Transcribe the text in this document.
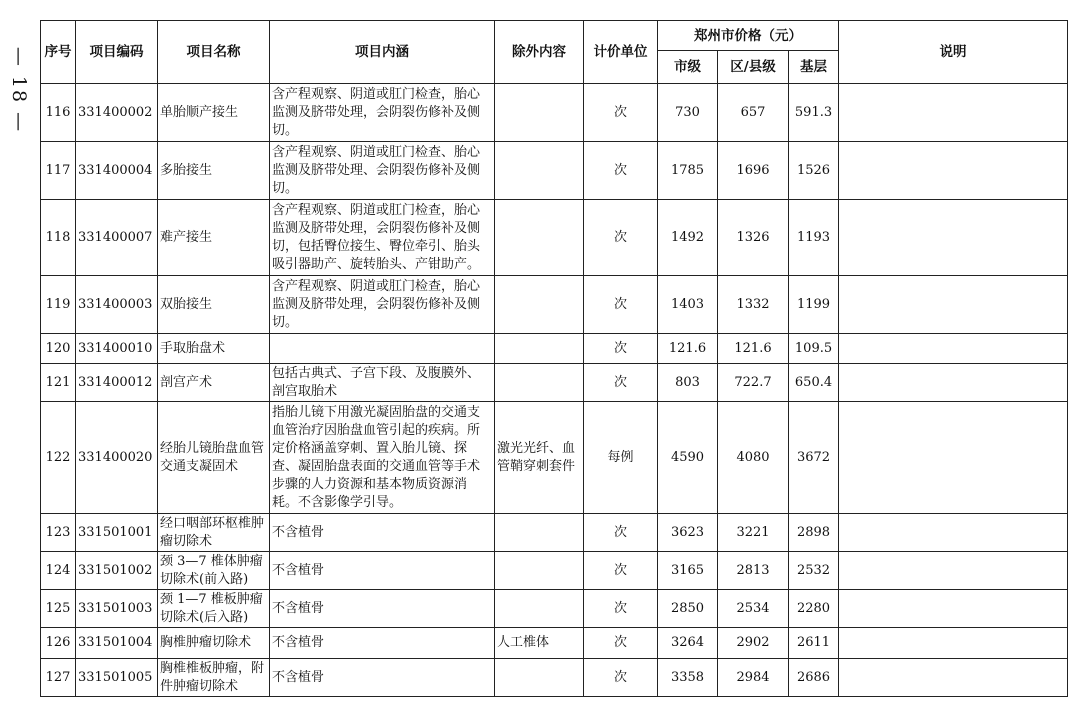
— 18 — 序号	项目编码	项目名称	项目内涵	除外内容	计价单位	郑州市价格（元）			说明
						市级	区/县级	基层	
116	331400002	单胎顺产接生	含产程观察、阴道或肛门检查，胎心监测及脐带处理，会阴裂伤修补及侧切。		次	730	657	591.3	
117	331400004	多胎接生	含产程观察、阴道或肛门检查、胎心监测及脐带处理、会阴裂伤修补及侧切。		次	1785	1696	1526	
118	331400007	难产接生	含产程观察、阴道或肛门检查，胎心监测及脐带处理，会阴裂伤修补及侧切，包括臀位接生、臀位牵引、胎头吸引器助产、旋转胎头、产钳助产。		次	1492	1326	1193	
119	331400003	双胎接生	含产程观察、阴道或肛门检查，胎心监测及脐带处理，会阴裂伤修补及侧切。		次	1403	1332	1199	
120	331400010	手取胎盘术			次	121.6	121.6	109.5	
121	331400012	剖宫产术	包括古典式、子宫下段、及腹膜外、剖宫取胎术		次	803	722.7	650.4	
122	331400020	经胎儿镜胎盘血管交通支凝固术	指胎儿镜下用激光凝固胎盘的交通支血管治疗因胎盘血管引起的疾病。所定价格涵盖穿刺、置入胎儿镜、探查、凝固胎盘表面的交通血管等手术步骤的人力资源和基本物质资源消耗。不含影像学引导。	激光光纤、血管鞘穿刺套件	每例	4590	4080	3672	
123	331501001	经口咽部环枢椎肿瘤切除术	不含植骨		次	3623	3221	2898	
124	331501002	颈 3—7 椎体肿瘤切除术(前入路)	不含植骨		次	3165	2813	2532	
125	331501003	颈 1—7 椎板肿瘤切除术(后入路)	不含植骨		次	2850	2534	2280	
126	331501004	胸椎肿瘤切除术	不含植骨	人工椎体	次	3264	2902	2611	
127	331501005	胸椎椎板肿瘤，附件肿瘤切除术	不含植骨		次	3358	2984	2686	
